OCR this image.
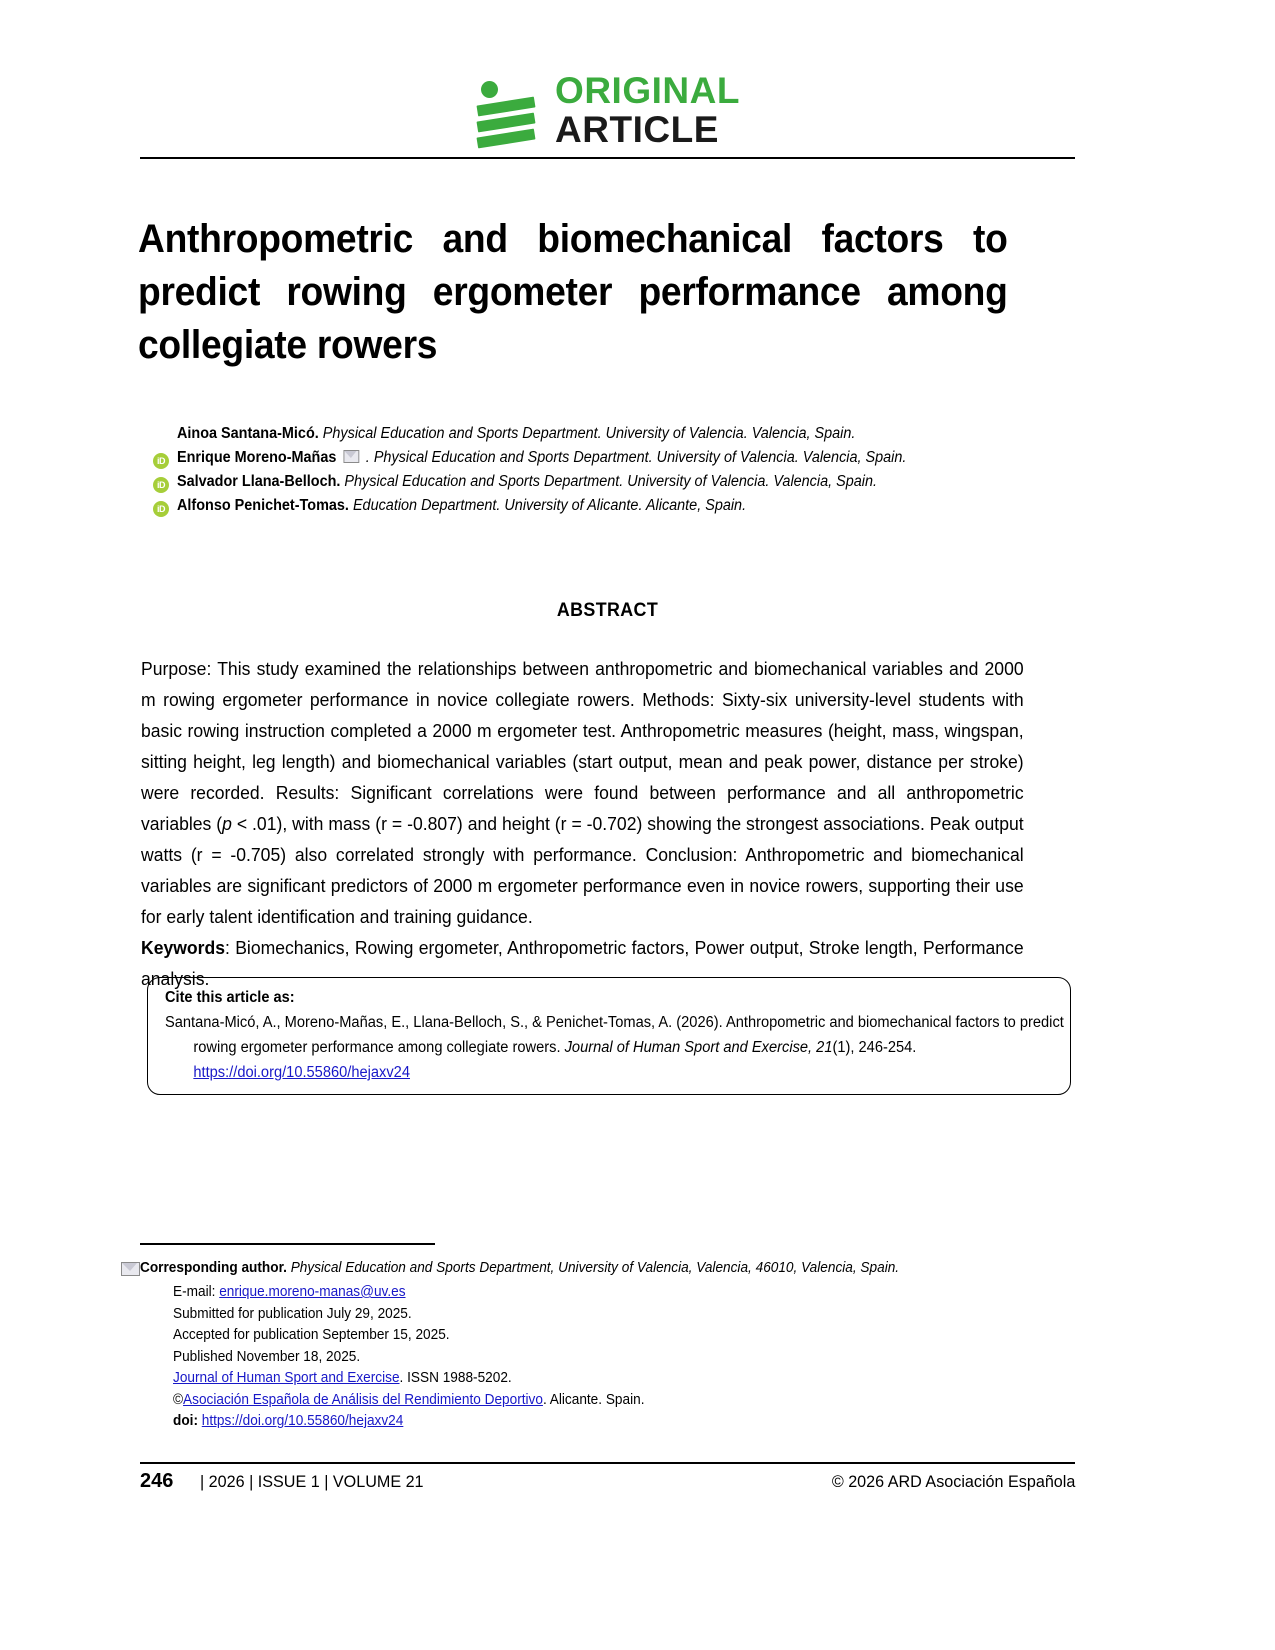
ORIGINAL
ARTICLE
Anthropometric and biomechanical factors to predict rowing ergometer performance among collegiate rowers
Ainoa Santana-Micó. Physical Education and Sports Department. University of Valencia. Valencia, Spain.
iD Enrique Moreno-Mañas . Physical Education and Sports Department. University of Valencia. Valencia, Spain.
iD Salvador Llana-Belloch. Physical Education and Sports Department. University of Valencia. Valencia, Spain.
iD Alfonso Penichet-Tomas. Education Department. University of Alicante. Alicante, Spain.
ABSTRACT
Purpose: This study examined the relationships between anthropometric and biomechanical variables and 2000 m rowing ergometer performance in novice collegiate rowers. Methods: Sixty-six university-level students with basic rowing instruction completed a 2000 m ergometer test. Anthropometric measures (height, mass, wingspan, sitting height, leg length) and biomechanical variables (start output, mean and peak power, distance per stroke) were recorded. Results: Significant correlations were found between performance and all anthropometric variables (p < .01), with mass (r = -0.807) and height (r = -0.702) showing the strongest associations. Peak output watts (r = -0.705) also correlated strongly with performance. Conclusion: Anthropometric and biomechanical variables are significant predictors of 2000 m ergometer performance even in novice rowers, supporting their use for early talent identification and training guidance.
Keywords: Biomechanics, Rowing ergometer, Anthropometric factors, Power output, Stroke length, Performance analysis.
Cite this article as:
Santana-Micó, A., Moreno-Mañas, E., Llana-Belloch, S., & Penichet-Tomas, A. (2026). Anthropometric and biomechanical factors to predict rowing ergometer performance among collegiate rowers. Journal of Human Sport and Exercise, 21(1), 246-254. https://doi.org/10.55860/hejaxv24
Corresponding author. Physical Education and Sports Department, University of Valencia, Valencia, 46010, Valencia, Spain.
E-mail: enrique.moreno-manas@uv.es
Submitted for publication July 29, 2025.
Accepted for publication September 15, 2025.
Published November 18, 2025.
Journal of Human Sport and Exercise. ISSN 1988-5202.
©Asociación Española de Análisis del Rendimiento Deportivo. Alicante. Spain.
doi: https://doi.org/10.55860/hejaxv24
246	| 2026 | ISSUE 1 | VOLUME 21	© 2026 ARD Asociación Española
